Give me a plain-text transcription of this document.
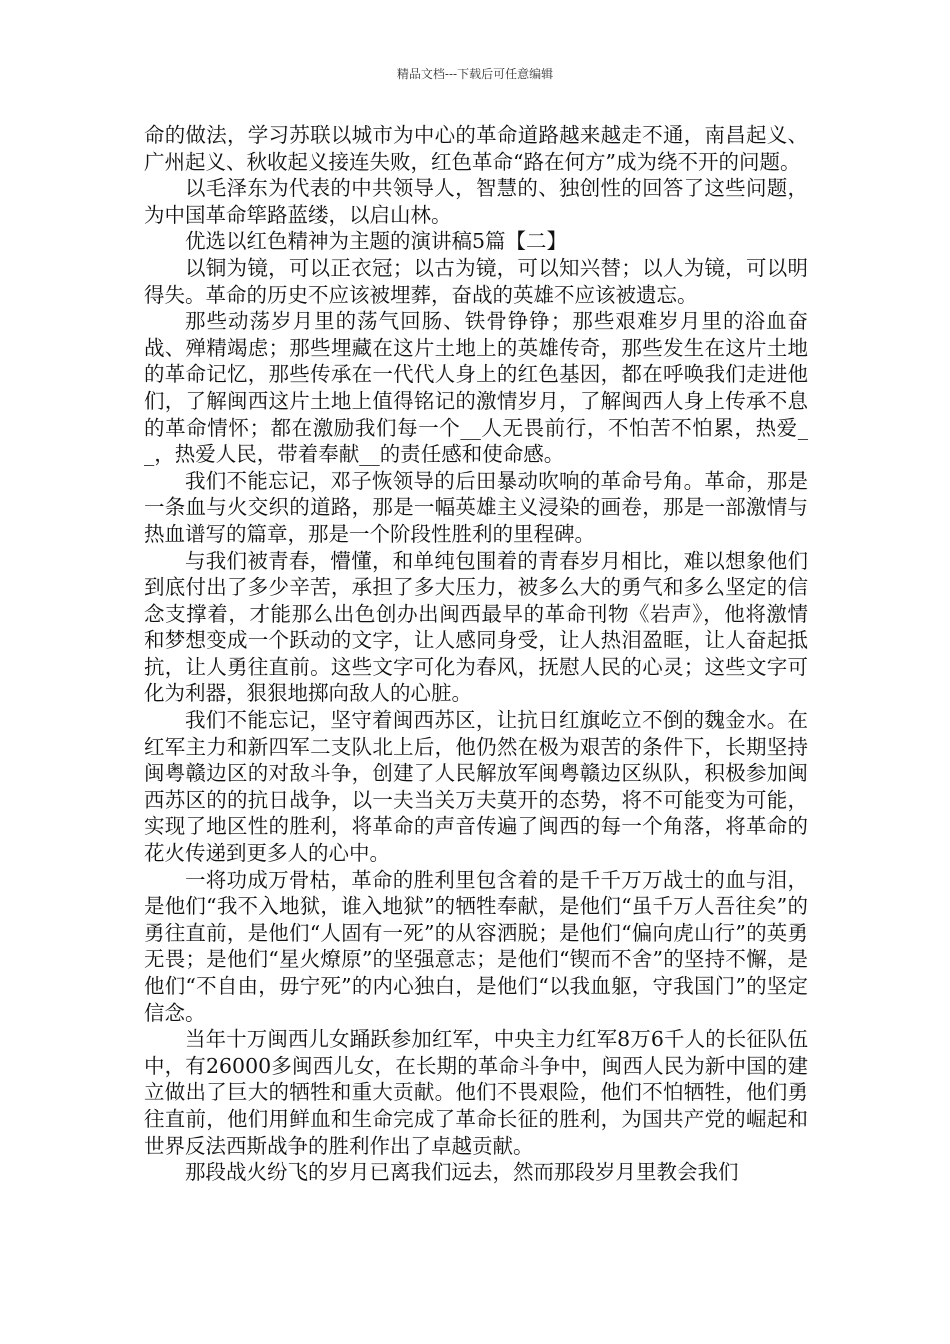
精品文档---下载后可任意编辑

命的做法，学习苏联以城市为中心的革命道路越来越走不通，南昌起义、广州起义、秋收起义接连失败，红色革命“路在何方”成为绕不开的问题。

以毛泽东为代表的中共领导人，智慧的、独创性的回答了这些问题，为中国革命筚路蓝缕，以启山林。

优选以红色精神为主题的演讲稿5篇【二】

以铜为镜，可以正衣冠；以古为镜，可以知兴替；以人为镜，可以明得失。革命的历史不应该被埋葬，奋战的英雄不应该被遗忘。

那些动荡岁月里的荡气回肠、铁骨铮铮；那些艰难岁月里的浴血奋战、殚精竭虑；那些埋藏在这片土地上的英雄传奇，那些发生在这片土地的革命记忆，那些传承在一代代人身上的红色基因，都在呼唤我们走进他们，了解闽西这片土地上值得铭记的激情岁月，了解闽西人身上传承不息的革命情怀；都在激励我们每一个__人无畏前行，不怕苦不怕累，热爱__，热爱人民，带着奉献__的责任感和使命感。

我们不能忘记，邓子恢领导的后田暴动吹响的革命号角。革命，那是一条血与火交织的道路，那是一幅英雄主义浸染的画卷，那是一部激情与热血谱写的篇章，那是一个阶段性胜利的里程碑。

与我们被青春，懵懂，和单纯包围着的青春岁月相比，难以想象他们到底付出了多少辛苦，承担了多大压力，被多么大的勇气和多么坚定的信念支撑着，才能那么出色创办出闽西最早的革命刊物《岩声》，他将激情和梦想变成一个跃动的文字，让人感同身受，让人热泪盈眶，让人奋起抵抗，让人勇往直前。这些文字可化为春风，抚慰人民的心灵；这些文字可化为利器，狠狠地掷向敌人的心脏。

我们不能忘记，坚守着闽西苏区，让抗日红旗屹立不倒的魏金水。在红军主力和新四军二支队北上后，他仍然在极为艰苦的条件下，长期坚持闽粤赣边区的对敌斗争，创建了人民解放军闽粤赣边区纵队，积极参加闽西苏区的的抗日战争，以一夫当关万夫莫开的态势，将不可能变为可能，实现了地区性的胜利，将革命的声音传遍了闽西的每一个角落，将革命的花火传递到更多人的心中。

一将功成万骨枯，革命的胜利里包含着的是千千万万战士的血与泪，是他们“我不入地狱，谁入地狱”的牺牲奉献，是他们“虽千万人吾往矣”的勇往直前，是他们“人固有一死”的从容洒脱；是他们“偏向虎山行”的英勇无畏；是他们“星火燎原”的坚强意志；是他们“锲而不舍”的坚持不懈，是他们“不自由，毋宁死”的内心独白，是他们“以我血躯，守我国门”的坚定信念。

当年十万闽西儿女踊跃参加红军，中央主力红军8万6千人的长征队伍中，有26000多闽西儿女，在长期的革命斗争中，闽西人民为新中国的建立做出了巨大的牺牲和重大贡献。他们不畏艰险，他们不怕牺牲，他们勇往直前，他们用鲜血和生命完成了革命长征的胜利，为国共产党的崛起和世界反法西斯战争的胜利作出了卓越贡献。

那段战火纷飞的岁月已离我们远去，然而那段岁月里教会我们
